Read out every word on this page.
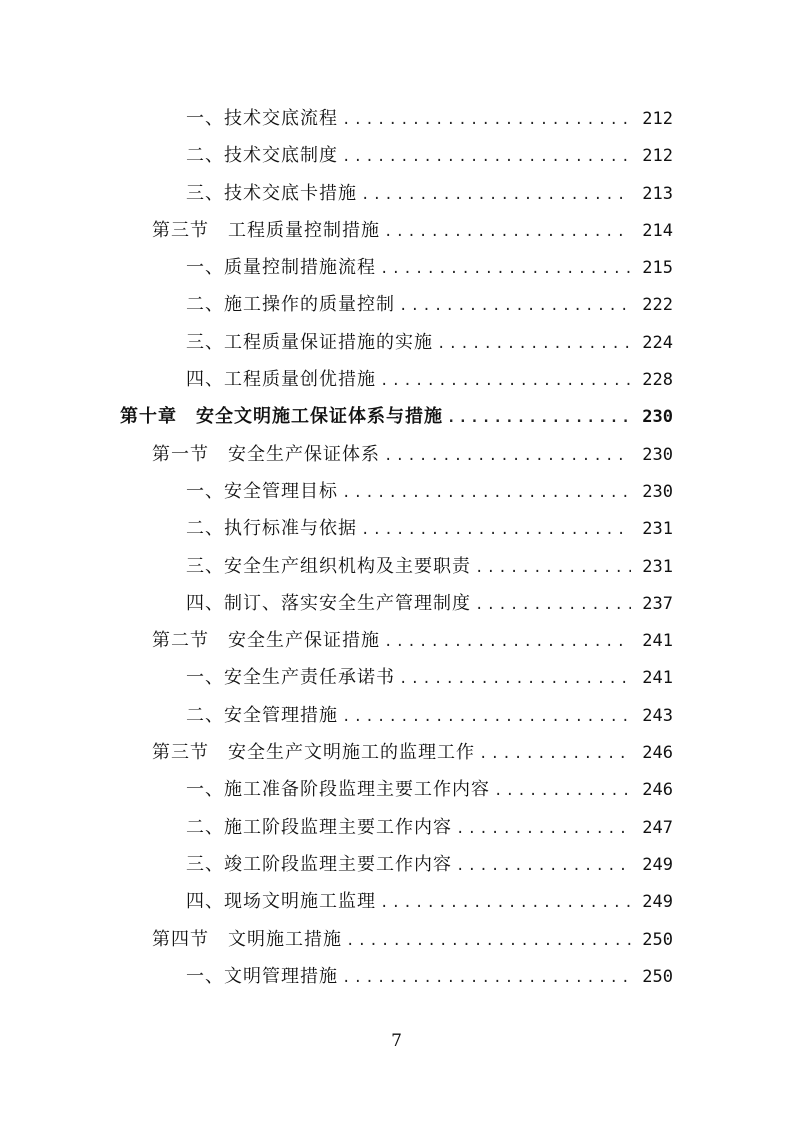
一、技术交底流程 .....	212
二、技术交底制度 .....	212
三、技术交底卡措施 .....	213
第三节　工程质量控制措施 .....	214
一、质量控制措施流程 .....	215
二、施工操作的质量控制 .....	222
三、工程质量保证措施的实施 .....	224
四、工程质量创优措施 .....	228
第十章　安全文明施工保证体系与措施 .....	230
第一节　安全生产保证体系 .....	230
一、安全管理目标 .....	230
二、执行标准与依据 .....	231
三、安全生产组织机构及主要职责 .....	231
四、制订、落实安全生产管理制度 .....	237
第二节　安全生产保证措施 .....	241
一、安全生产责任承诺书 .....	241
二、安全管理措施 .....	243
第三节　安全生产文明施工的监理工作 .....	246
一、施工准备阶段监理主要工作内容 .....	246
二、施工阶段监理主要工作内容 .....	247
三、竣工阶段监理主要工作内容 .....	249
四、现场文明施工监理 .....	249
第四节　文明施工措施 .....	250
一、文明管理措施 .....	250
7
